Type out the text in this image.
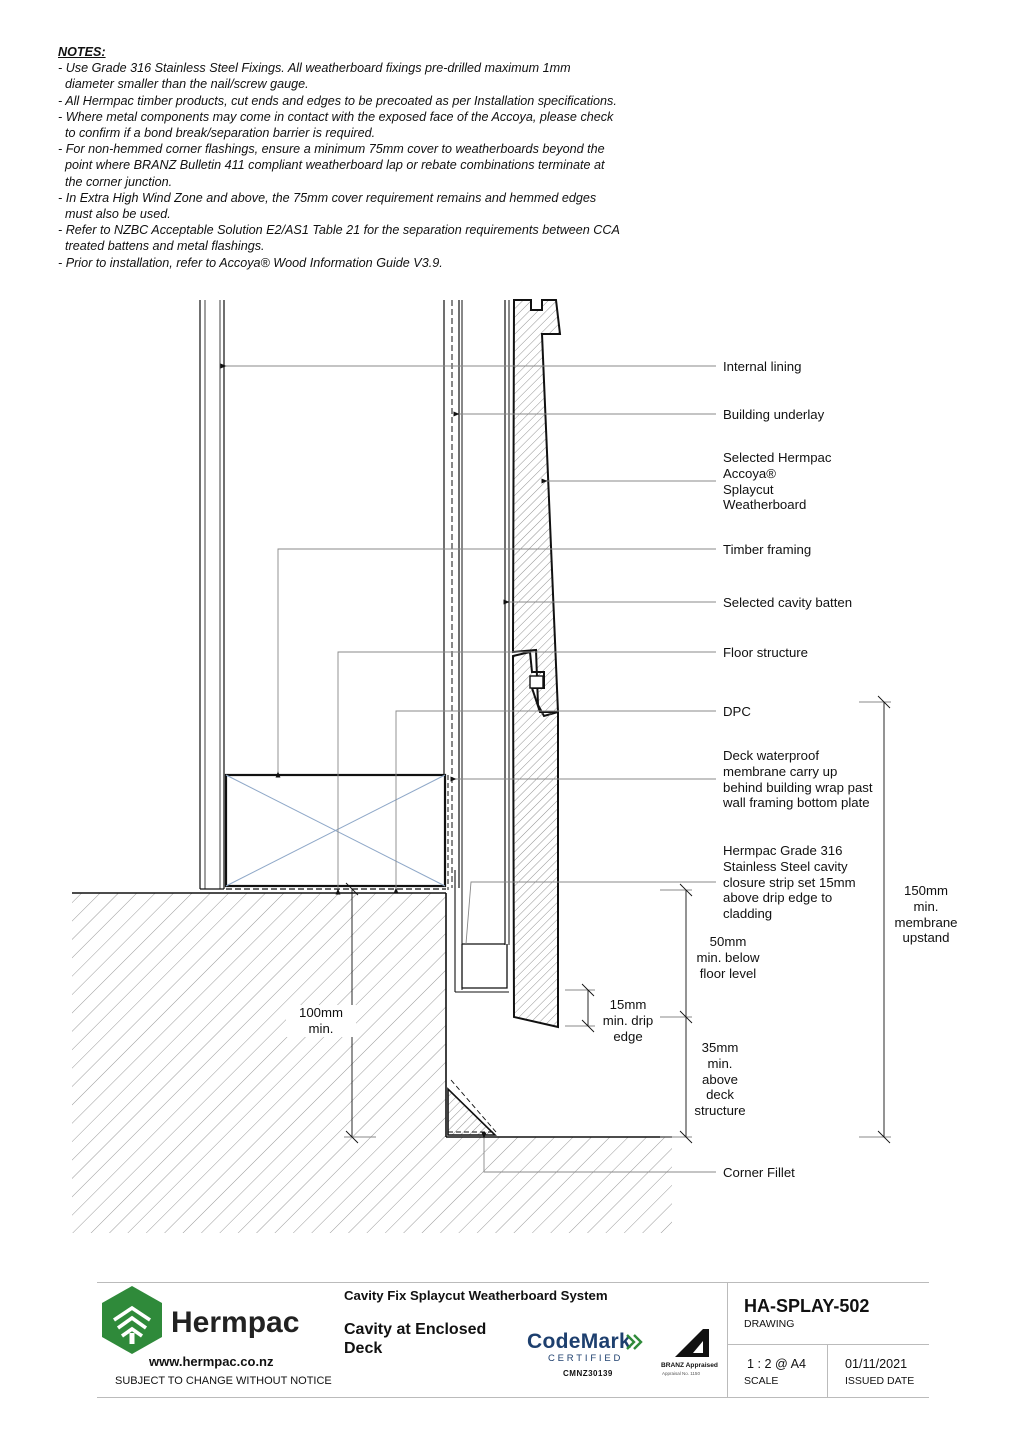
NOTES:
- Use Grade 316 Stainless Steel Fixings. All weatherboard fixings pre-drilled maximum 1mm
diameter smaller than the nail/screw gauge.
- All Hermpac timber products, cut ends and edges to be precoated as per Installation specifications.
- Where metal components may come in contact with the exposed face of the Accoya, please check
to confirm if a bond break/separation barrier is required.
- For non-hemmed corner flashings, ensure a minimum 75mm cover to weatherboards beyond the
point where BRANZ Bulletin 411 compliant weatherboard lap or rebate combinations terminate at
the corner junction.
- In Extra High Wind Zone and above, the 75mm cover requirement remains and hemmed edges
must also be used.
- Refer to NZBC Acceptable Solution E2/AS1 Table 21 for the separation requirements between CCA
treated battens and metal flashings.
- Prior to installation, refer to Accoya® Wood Information Guide V3.9.
Internal lining
Building underlay
Selected Hermpac
Accoya®
Splaycut
Weatherboard
Timber framing
Selected cavity batten
Floor structure
DPC
Deck waterproof
membrane carry up
behind building wrap past
wall framing bottom plate
Hermpac Grade 316
Stainless Steel cavity
closure strip set 15mm
above drip edge to
cladding
Corner Fillet
150mm
min.
membrane
upstand
50mm
min. below
floor level
15mm
min. drip
edge
35mm
min.
above
deck
structure
100mm
min.
Hermpac
www.hermpac.co.nz
SUBJECT TO CHANGE WITHOUT NOTICE
Cavity Fix Splaycut Weatherboard System
Cavity at Enclosed
Deck	CodeMark
CERTIFIED
CMNZ30139
BRANZ Appraised
Appraisal No. 1150
HA-SPLAY-502
DRAWING
1 : 2 @ A4
SCALE
01/11/2021
ISSUED DATE
